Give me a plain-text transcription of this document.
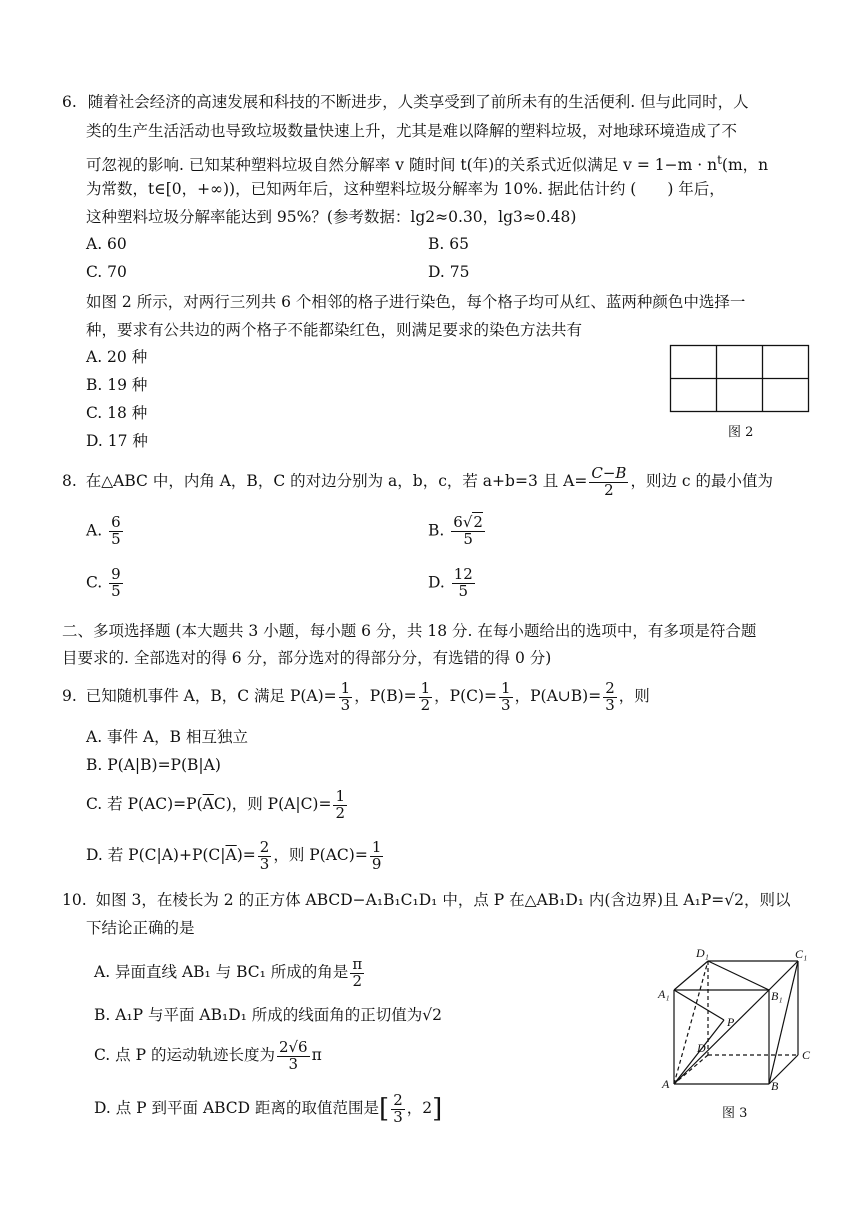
6. 随着社会经济的高速发展和科技的不断进步，人类享受到了前所未有的生活便利. 但与此同时，人
类的生产生活活动也导致垃圾数量快速上升，尤其是难以降解的塑料垃圾，对地球环境造成了不
可忽视的影响. 已知某种塑料垃圾自然分解率 v 随时间 t(年)的关系式近似满足 $v = 1-m \cdot n^t(m$，n
为常数，t∈[0，+∞))，已知两年后，这种塑料垃圾分解率为 10%. 据此估计约 (　　) 年后，
这种塑料垃圾分解率能达到 95%？(参考数据：lg2≈0.30，lg3≈0.48)
A. 60	B. 65
C. 70	D. 75
如图 2 所示，对两行三列共 6 个相邻的格子进行染色，每个格子均可从红、蓝两种颜色中选择一
种，要求有公共边的两个格子不能都染红色，则满足要求的染色方法共有
A. 20 种
B. 19 种
C. 18 种
D. 17 种	图 2
8. 在△ABC 中，内角 A，B，C 的对边分别为 a，b，c，若 a+b=3 且 $A= \frac{C-B}{2}$ ，则边 c 的最小值为
A. $\frac{6}{5}$	B. $\frac{6√2}{5}$
C. $\frac{9}{5}$	D. $\frac{12}{5}$
二、多项选择题 (本大题共 3 小题，每小题 6 分，共 18 分. 在每小题给出的选项中，有多项是符合题
目要求的. 全部选对的得 6 分，部分选对的得部分分，有选错的得 0 分)
9. 已知随机事件 A，B，C 满足 $P(A)= \frac{1}{3}$ ，$P(B)= \frac{1}{2}$ ，$P(C)= \frac{1}{3}$ ，P(A∪B)= $\frac{2}{3}$ ，则
A. 事件 A，B 相互独立
B. P(A|B)=P(B|A)
C. 若 $P(AC)=P(\overline{A}C)$，则 $P(A|C)= \frac{1}{2}$
D. 若 $P(C|A)+P(C|\overline{A})= \frac{2}{3}$ ，则 $P(AC)= \frac{1}{9}$
10. 如图 3，在棱长为 2 的正方体 ABCD−A₁B₁C₁D₁ 中，点 P 在△AB₁D₁ 内(含边界)且 A₁P=√2，则以
下结论正确的是
A. 异面直线 AB₁ 与 BC₁ 所成的角是 $\frac{\pi}{2}$
B. A₁P 与平面 AB₁D₁ 所成的线面角的正切值为√2
C. 点 P 的运动轨迹长度为 $\frac{2√6}{3}$ π
D. 点 P 到平面 ABCD 距离的取值范围是[ $\frac{2}{3}$ ，2]
D₁	C₁
A₁	B₁
P
D	C
A	B
图 3
